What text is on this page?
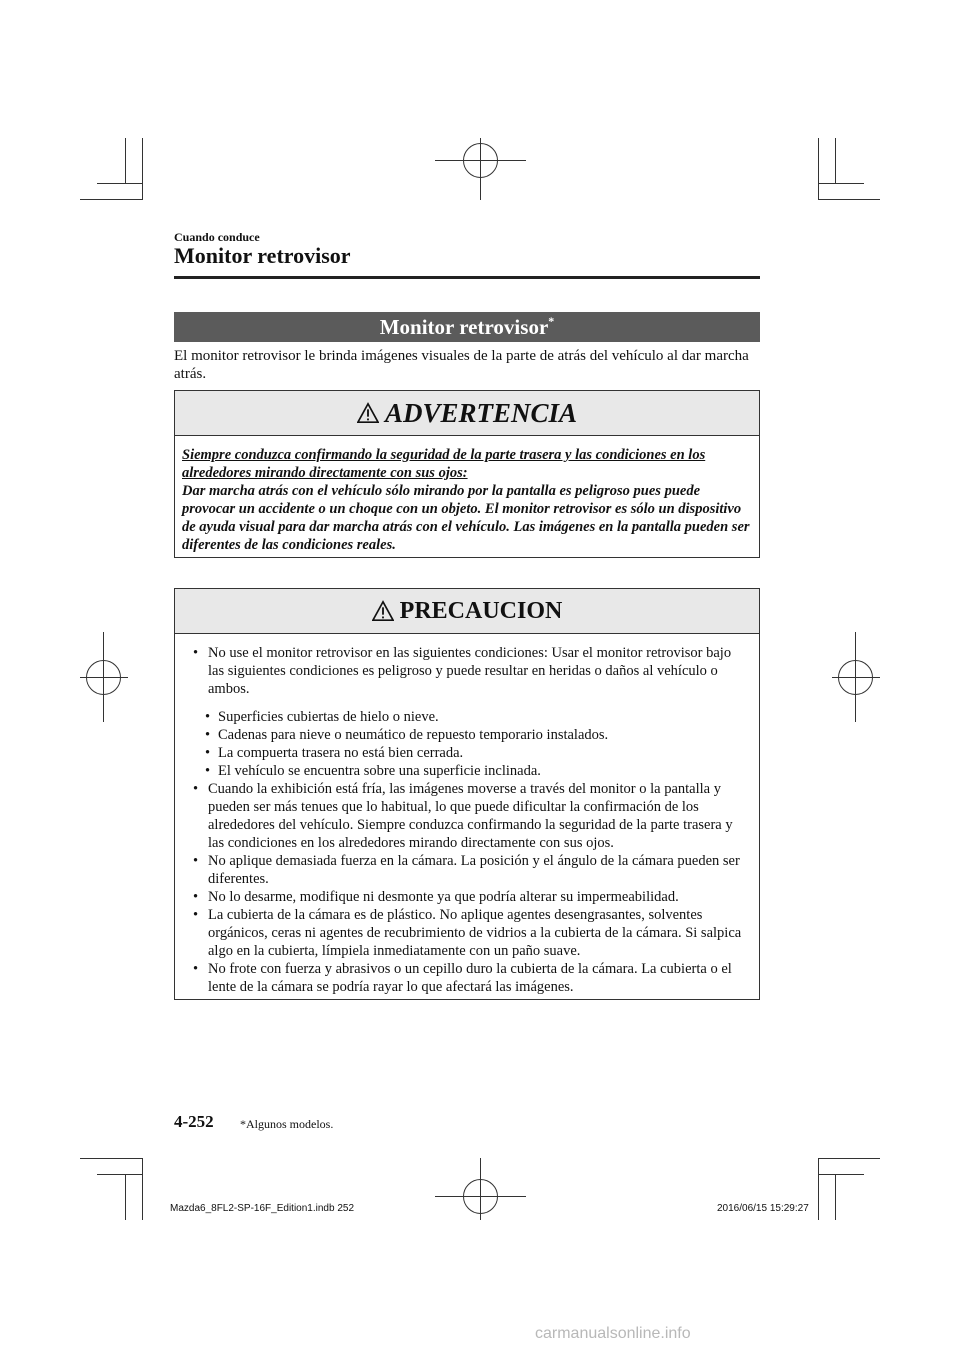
Cuando conduce
Monitor retrovisor
Monitor retrovisor*
El monitor retrovisor le brinda imágenes visuales de la parte de atrás del vehículo al dar marcha atrás.
ADVERTENCIA
Siempre conduzca confirmando la seguridad de la parte trasera y las condiciones en los alrededores mirando directamente con sus ojos:
Dar marcha atrás con el vehículo sólo mirando por la pantalla es peligroso pues puede provocar un accidente o un choque con un objeto. El monitor retrovisor es sólo un dispositivo de ayuda visual para dar marcha atrás con el vehículo. Las imágenes en la pantalla pueden ser diferentes de las condiciones reales.
PRECAUCION
• No use el monitor retrovisor en las siguientes condiciones: Usar el monitor retrovisor bajo las siguientes condiciones es peligroso y puede resultar en heridas o daños al vehículo o ambos.
• Superficies cubiertas de hielo o nieve.
• Cadenas para nieve o neumático de repuesto temporario instalados.
• La compuerta trasera no está bien cerrada.
• El vehículo se encuentra sobre una superficie inclinada.
• Cuando la exhibición está fría, las imágenes moverse a través del monitor o la pantalla y pueden ser más tenues que lo habitual, lo que puede dificultar la confirmación de los alrededores del vehículo. Siempre conduzca confirmando la seguridad de la parte trasera y las condiciones en los alrededores mirando directamente con sus ojos.
• No aplique demasiada fuerza en la cámara. La posición y el ángulo de la cámara pueden ser diferentes.
• No lo desarme, modifique ni desmonte ya que podría alterar su impermeabilidad.
• La cubierta de la cámara es de plástico. No aplique agentes desengrasantes, solventes orgánicos, ceras ni agentes de recubrimiento de vidrios a la cubierta de la cámara. Si salpica algo en la cubierta, límpiela inmediatamente con un paño suave.
• No frote con fuerza y abrasivos o un cepillo duro la cubierta de la cámara. La cubierta o el lente de la cámara se podría rayar lo que afectará las imágenes.
4-252 *Algunos modelos.
Mazda6_8FL2-SP-16F_Edition1.indb 252	2016/06/15 15:29:27
carmanualsonline.info
